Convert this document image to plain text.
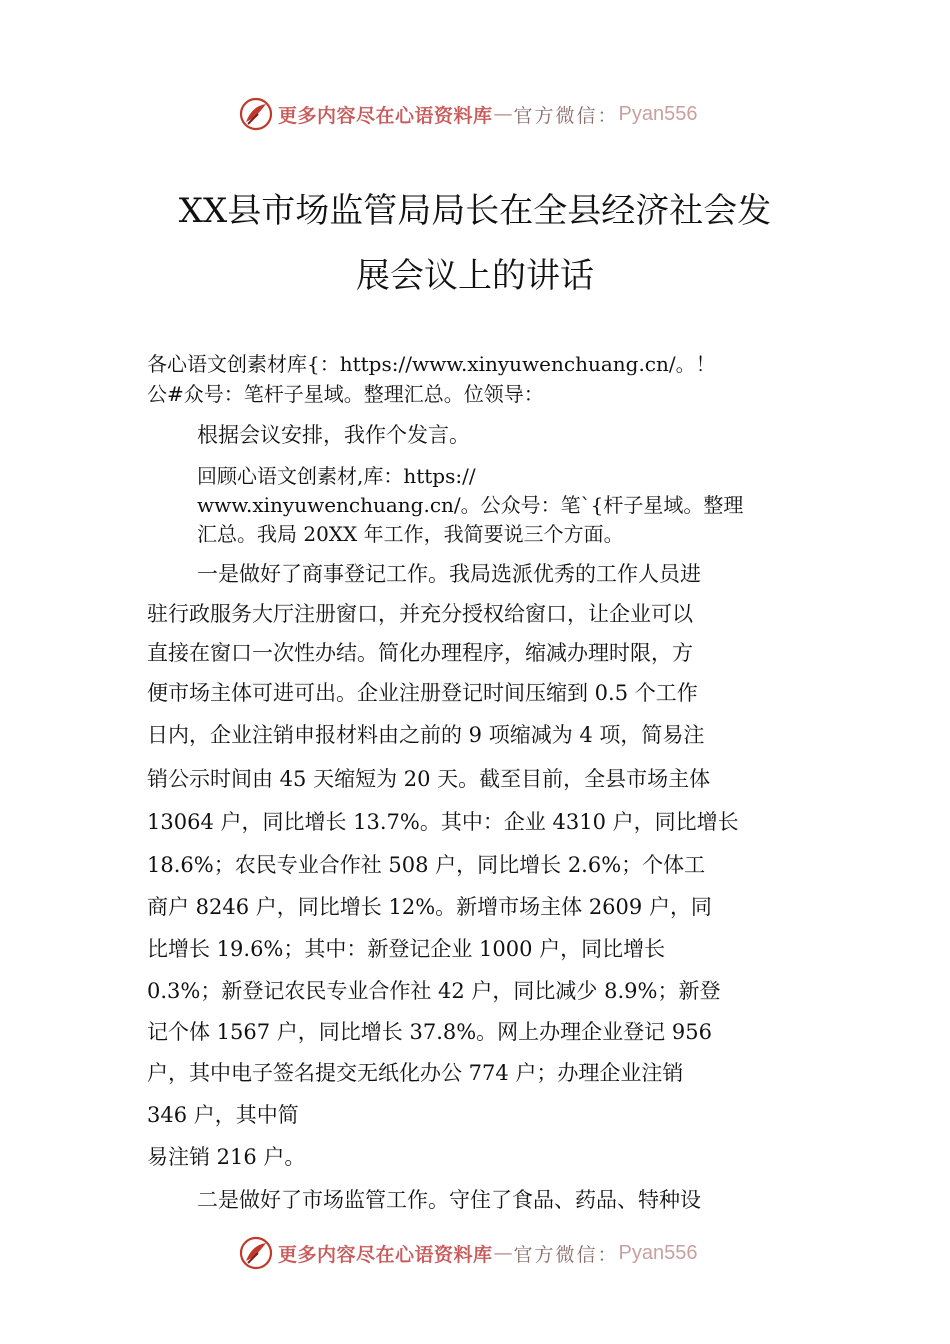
更多内容尽在心语资料库 — 官方微信： Pyan556
XX县市场监管局局长在全县经济社会发
展会议上的讲话
各心语文创素材库{：https://www.xinyuwenchuang.cn/。！
公#众号：笔杆子星域。整理汇总。位领导：
根据会议安排，我作个发言。
回顾心语文创素材,库：https://
www.xinyuwenchuang.cn/。公众号：笔`{杆子星域。整理
汇总。我局 20XX 年工作，我简要说三个方面。
一是做好了商事登记工作。我局选派优秀的工作人员进
驻行政服务大厅注册窗口，并充分授权给窗口，让企业可以
直接在窗口一次性办结。简化办理程序，缩减办理时限，方
便市场主体可进可出。企业注册登记时间压缩到 0.5 个工作
日内，企业注销申报材料由之前的 9 项缩减为 4 项，简易注
销公示时间由 45 天缩短为 20 天。截至目前，全县市场主体
13064 户，同比增长 13.7%。其中：企业 4310 户，同比增长
18.6%；农民专业合作社 508 户，同比增长 2.6%；个体工
商户 8246 户，同比增长 12%。新增市场主体 2609 户，同
比增长 19.6%；其中：新登记企业 1000 户，同比增长
0.3%；新登记农民专业合作社 42 户，同比减少 8.9%；新登
记个体 1567 户，同比增长 37.8%。网上办理企业登记 956
户，其中电子签名提交无纸化办公 774 户；办理企业注销
346 户，其中简
易注销 216 户。
二是做好了市场监管工作。守住了食品、药品、特种设
更多内容尽在心语资料库 — 官方微信： Pyan556
